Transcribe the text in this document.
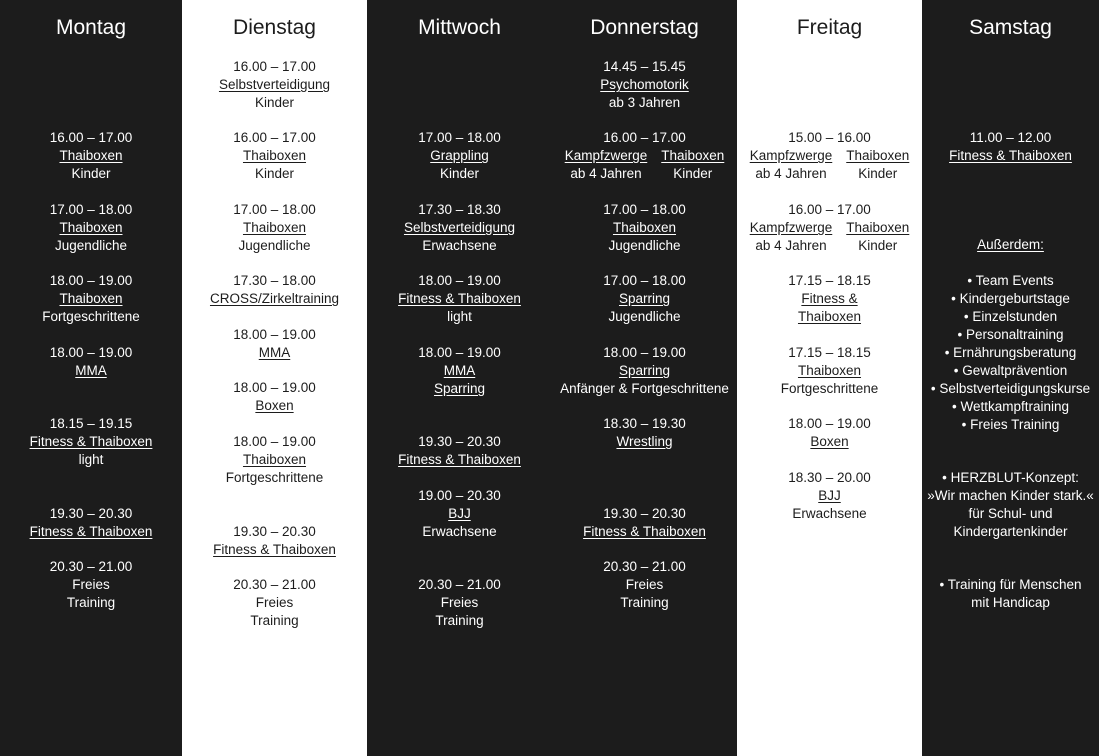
Montag
16.00 – 17.00
Thaiboxen
Kinder
17.00 – 18.00
Thaiboxen
Jugendliche
18.00 – 19.00
Thaiboxen
Fortgeschrittene
18.00 – 19.00
MMA
18.15 – 19.15
Fitness & Thaiboxen
light
19.30 – 20.30
Fitness & Thaiboxen
20.30 – 21.00
Freies
Training
Dienstag
16.00 – 17.00
Selbstverteidigung
Kinder
16.00 – 17.00
Thaiboxen
Kinder
17.00 – 18.00
Thaiboxen
Jugendliche
17.30 – 18.00
CROSS/Zirkeltraining
18.00 – 19.00
MMA
18.00 – 19.00
Boxen
18.00 – 19.00
Thaiboxen
Fortgeschrittene
19.30 – 20.30
Fitness & Thaiboxen
20.30 – 21.00
Freies
Training
Mittwoch
17.00 – 18.00
Grappling
Kinder
17.30 – 18.30
Selbstverteidigung
Erwachsene
18.00 – 19.00
Fitness & Thaiboxen
light
18.00 – 19.00
MMA
Sparring
19.30 – 20.30
Fitness & Thaiboxen
19.00 – 20.30
BJJ
Erwachsene
20.30 – 21.00
Freies
Training
Donnerstag
14.45 – 15.45
Psychomotorik
ab 3 Jahren
16.00 – 17.00
Kampfzwerge
ab 4 Jahren
Thaiboxen
Kinder
17.00 – 18.00
Thaiboxen
Jugendliche
17.00 – 18.00
Sparring
Jugendliche
18.00 – 19.00
Sparring
Anfänger & Fortgeschrittene
18.30 – 19.30
Wrestling
19.30 – 20.30
Fitness & Thaiboxen
20.30 – 21.00
Freies
Training
Freitag
15.00 – 16.00
Kampfzwerge
ab 4 Jahren
Thaiboxen
Kinder
16.00 – 17.00
Kampfzwerge
ab 4 Jahren
Thaiboxen
Kinder
17.15 – 18.15
Fitness &
Thaiboxen
17.15 – 18.15
Thaiboxen
Fortgeschrittene
18.00 – 19.00
Boxen
18.30 – 20.00
BJJ
Erwachsene
Samstag
11.00 – 12.00
Fitness & Thaiboxen
Außerdem:
• Team Events
• Kindergeburtstage
• Einzelstunden
• Personaltraining
• Ernährungsberatung
• Gewaltprävention
• Selbstverteidigungskurse
• Wettkampftraining
• Freies Training
• HERZBLUT-Konzept:
»Wir machen Kinder stark.«
für Schul- und
Kindergartenkinder
• Training für Menschen
mit Handicap
